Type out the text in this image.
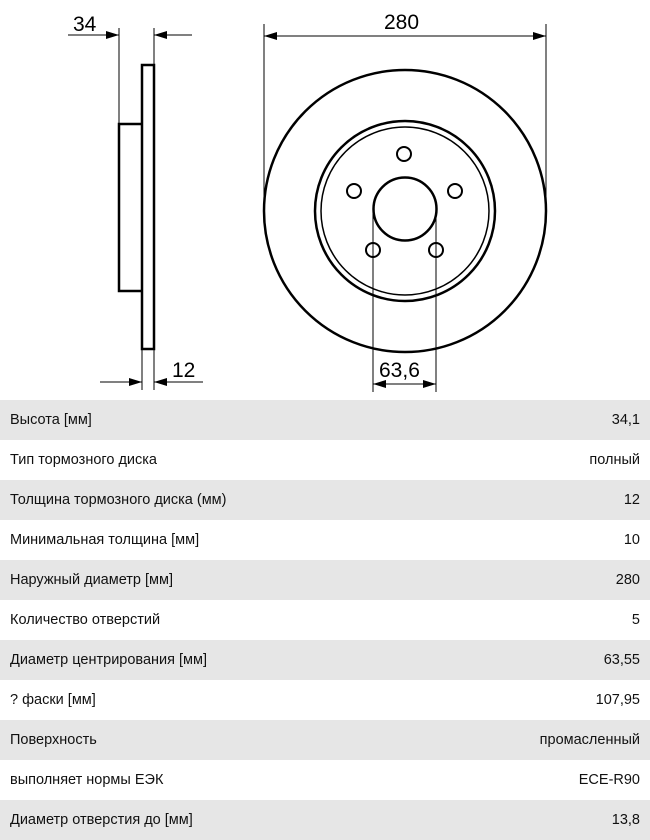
34	280
12	63,6
Высота [мм]	34,1
Тип тормозного диска	полный
Толщина тормозного диска (мм)	12
Минимальная толщина [мм]	10
Наружный диаметр [мм]	280
Количество отверстий	5
Диаметр центрирования [мм]	63,55
? фаски [мм]	107,95
Поверхность	промасленный
выполняет нормы ЕЭК	ECE-R90
Диаметр отверстия до [мм]	13,8
